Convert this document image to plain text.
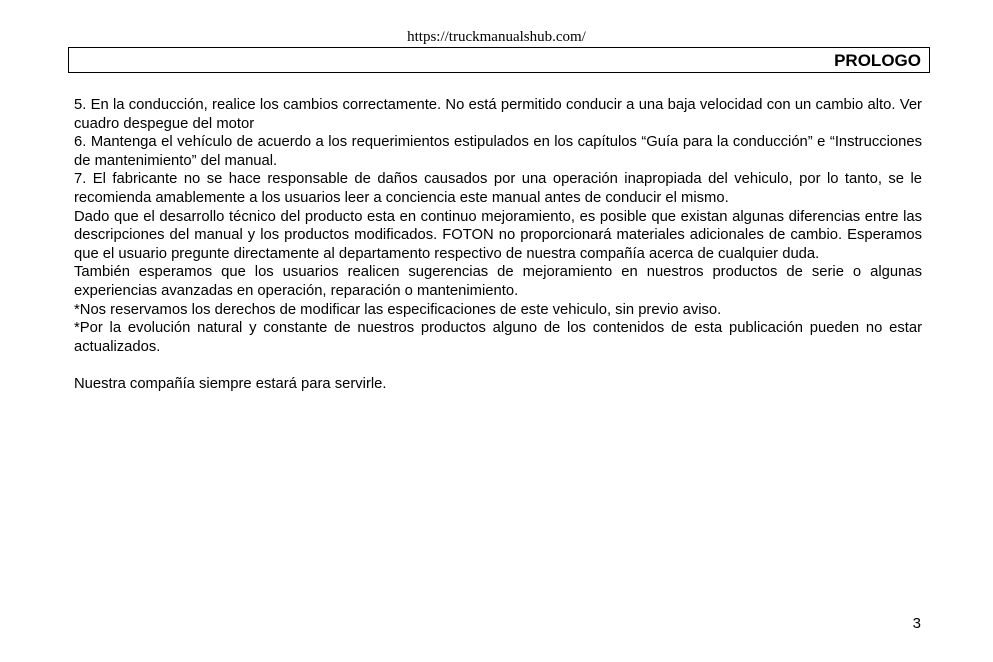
https://truckmanualshub.com/
PROLOGO

5. En la conducción, realice los cambios correctamente. No está permitido conducir a una baja velocidad con un cambio alto. Ver cuadro despegue del motor

6. Mantenga el vehículo de acuerdo a los requerimientos estipulados en los capítulos “Guía para la conducción” e “Instrucciones de mantenimiento” del manual.

7. El fabricante no se hace responsable de daños causados por una operación inapropiada del vehiculo, por lo tanto, se le recomienda amablemente a los usuarios leer a conciencia este manual antes de conducir el mismo.

Dado que el desarrollo técnico del producto esta en continuo mejoramiento, es posible que existan algunas diferencias entre las descripciones del manual y los productos modificados. FOTON no proporcionará materiales adicionales de cambio. Esperamos que el usuario pregunte directamente al departamento respectivo de nuestra compañía acerca de cualquier duda.

También esperamos que los usuarios realicen sugerencias de mejoramiento en nuestros productos de serie o algunas experiencias avanzadas en operación, reparación o mantenimiento.

*Nos reservamos los derechos de modificar las especificaciones de este vehiculo, sin previo aviso.

*Por la evolución natural y constante de nuestros productos alguno de los contenidos de esta publicación pueden no estar actualizados.

Nuestra compañía siempre estará para servirle.

3
